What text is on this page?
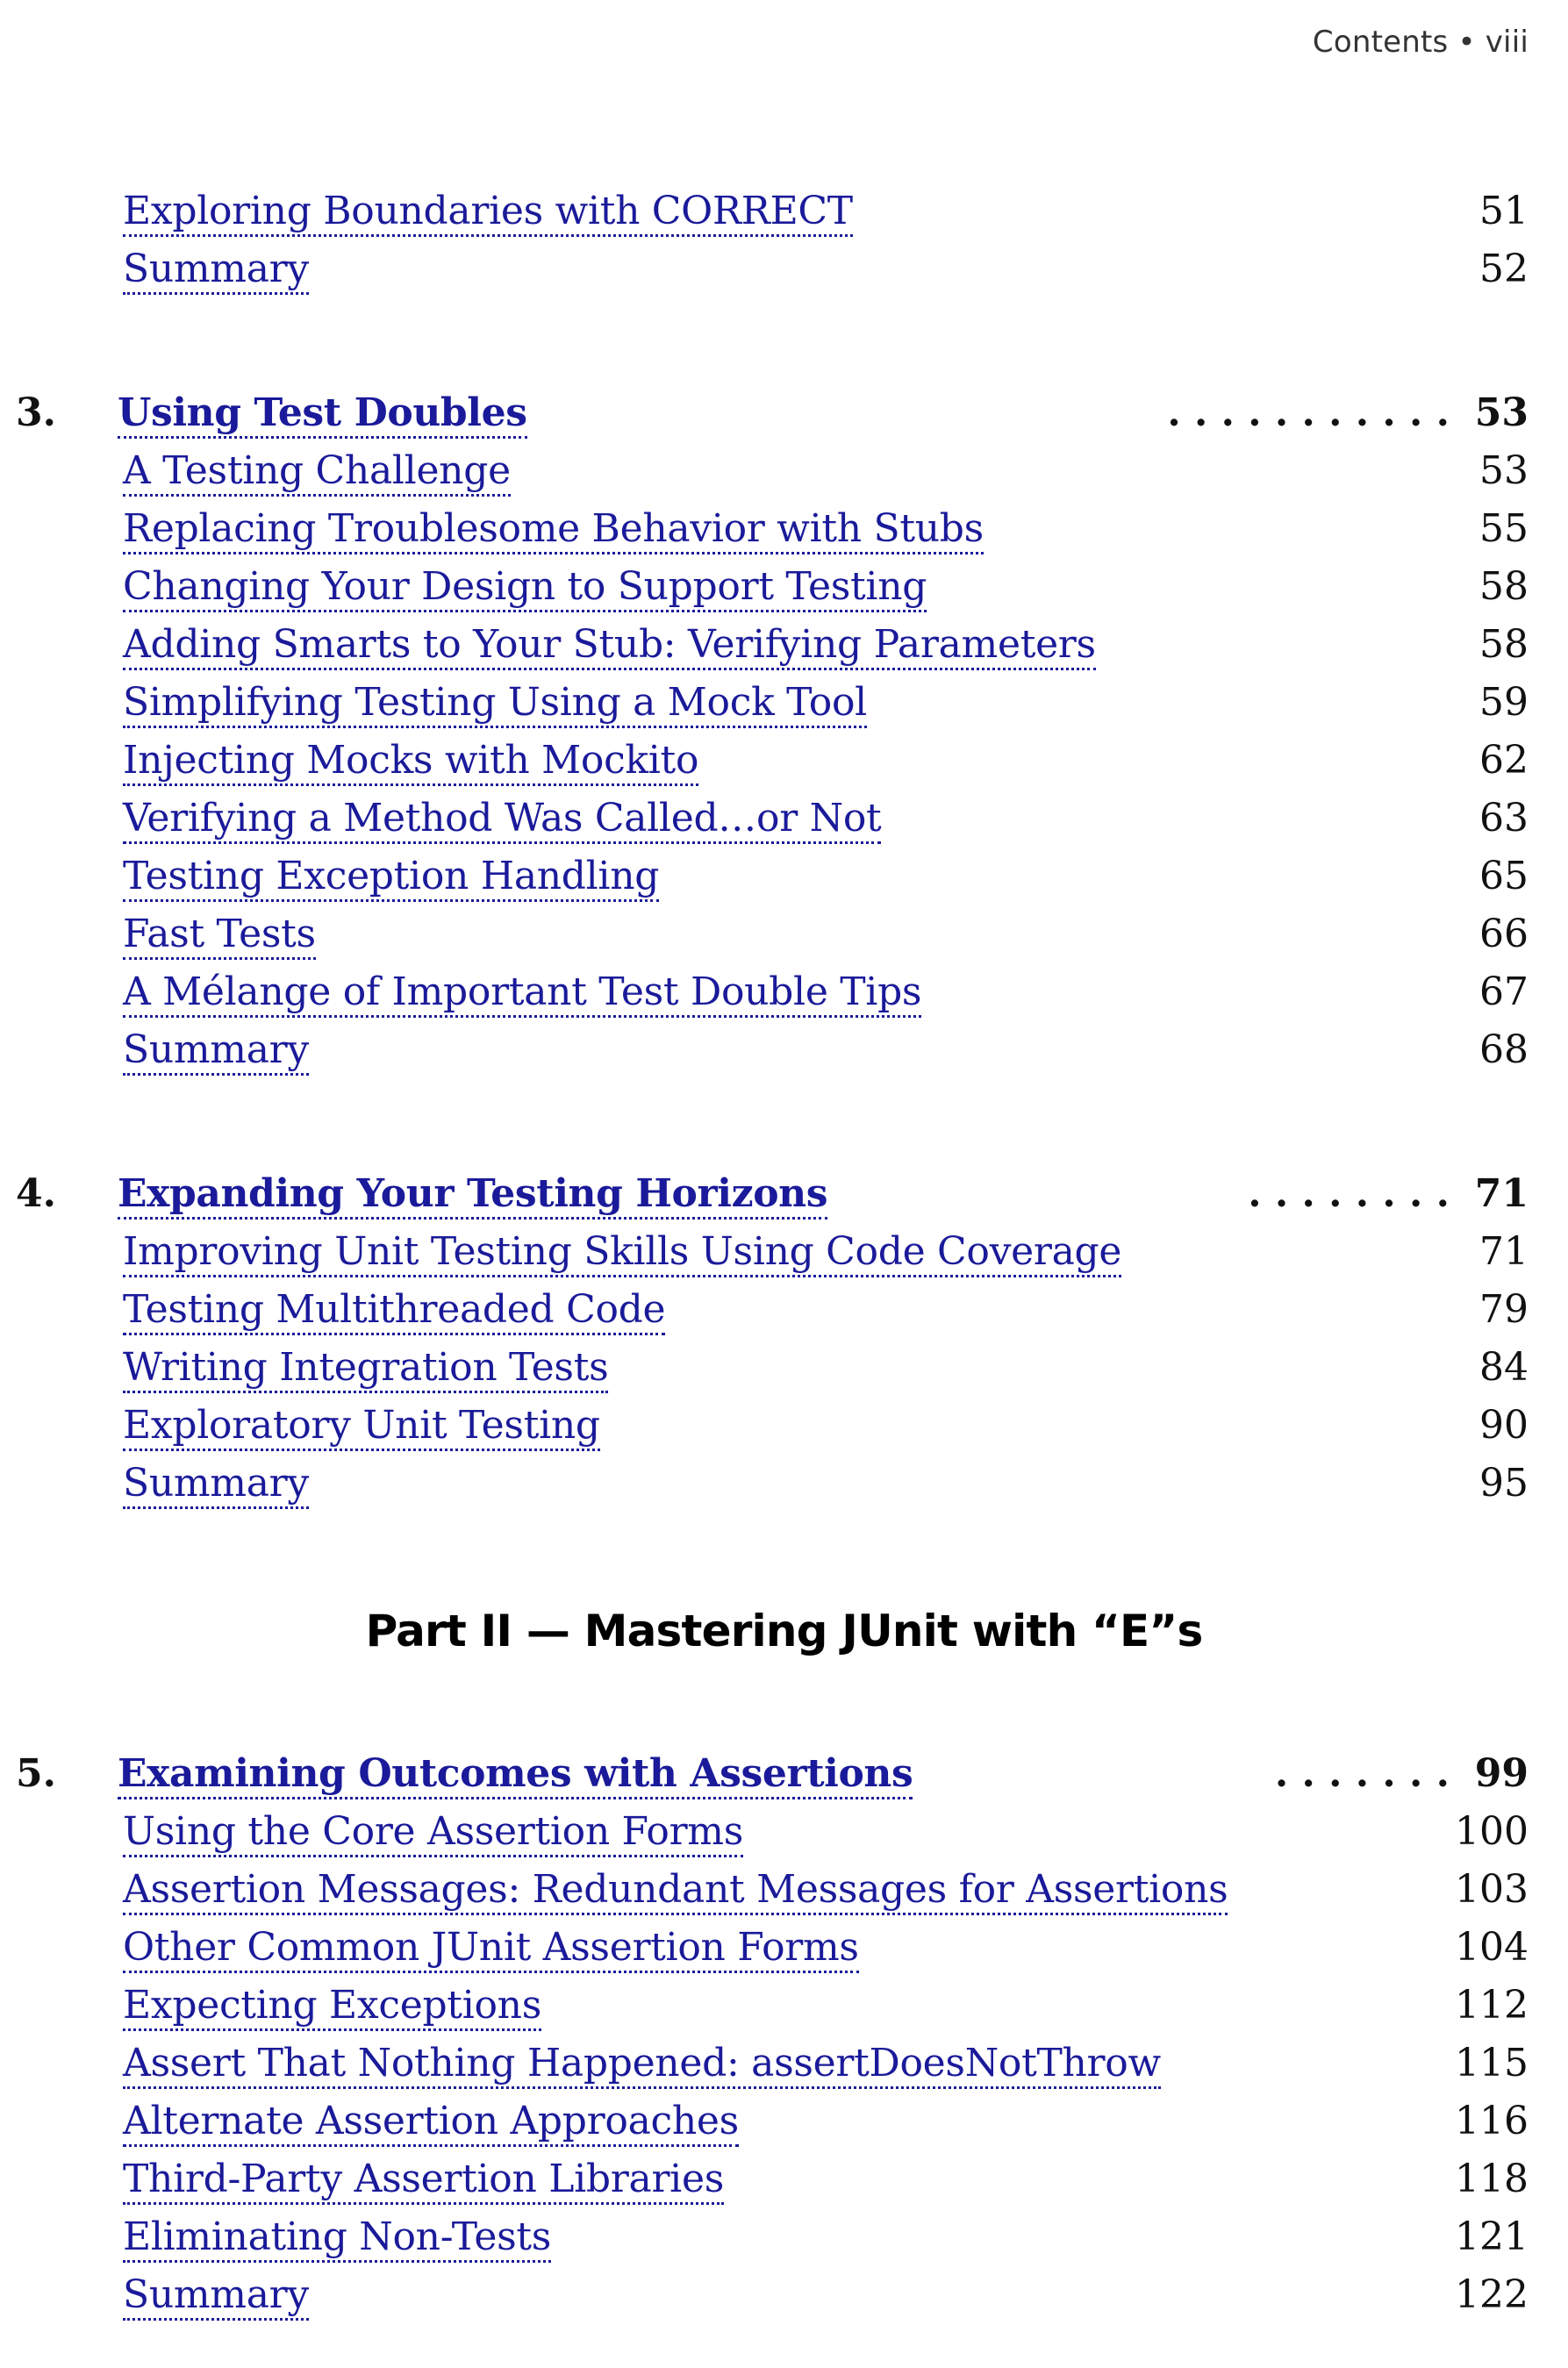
Contents • viii
Exploring Boundaries with CORRECT	51
Summary	52
3. Using Test Doubles	. . . . . . . . . . . 53
A Testing Challenge	53
Replacing Troublesome Behavior with Stubs	55
Changing Your Design to Support Testing	58
Adding Smarts to Your Stub: Verifying Parameters	58
Simplifying Testing Using a Mock Tool	59
Injecting Mocks with Mockito	62
Verifying a Method Was Called…or Not	63
Testing Exception Handling	65
Fast Tests	66
A Mélange of Important Test Double Tips	67
Summary	68
4. Expanding Your Testing Horizons	. . . . . . . . 71
Improving Unit Testing Skills Using Code Coverage	71
Testing Multithreaded Code	79
Writing Integration Tests	84
Exploratory Unit Testing	90
Summary	95
Part II — Mastering JUnit with “E”s
5. Examining Outcomes with Assertions	. . . . . . . 99
Using the Core Assertion Forms	100
Assertion Messages: Redundant Messages for Assertions	103
Other Common JUnit Assertion Forms	104
Expecting Exceptions	112
Assert That Nothing Happened: assertDoesNotThrow	115
Alternate Assertion Approaches	116
Third-Party Assertion Libraries	118
Eliminating Non-Tests	121
Summary	122
